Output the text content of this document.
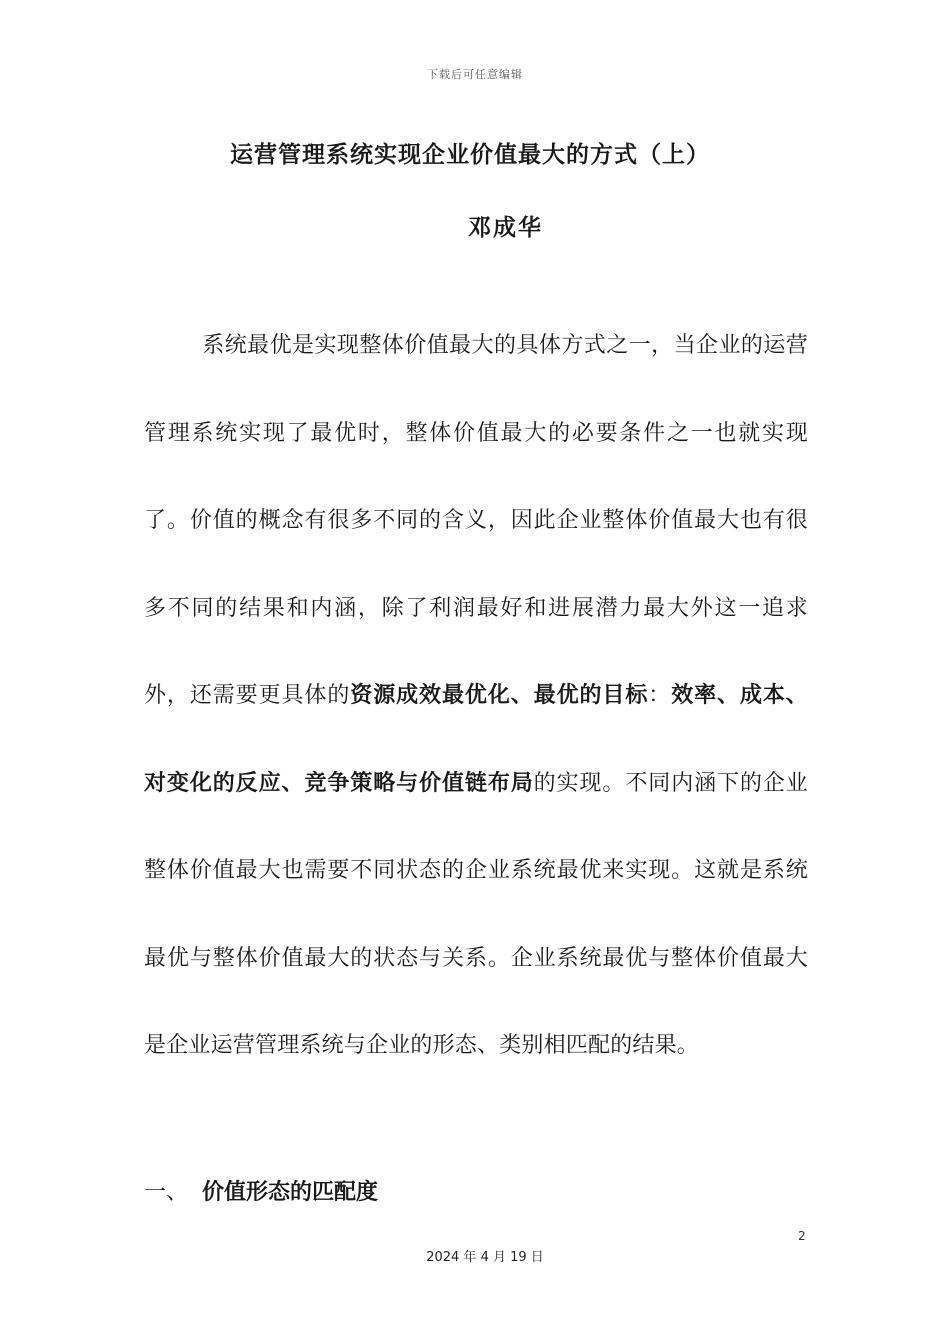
下载后可任意编辑
运营管理系统实现企业价值最大的方式（上）
邓成华

系统最优是实现整体价值最大的具体方式之一，当企业的运营管理系统实现了最优时，整体价值最大的必要条件之一也就实现了。价值的概念有很多不同的含义，因此企业整体价值最大也有很多不同的结果和内涵，除了利润最好和进展潜力最大外这一追求外，还需要更具体的资源成效最优化、最优的目标：效率、成本、对变化的反应、竞争策略与价值链布局的实现。不同内涵下的企业整体价值最大也需要不同状态的企业系统最优来实现。这就是系统最优与整体价值最大的状态与关系。企业系统最优与整体价值最大是企业运营管理系统与企业的形态、类别相匹配的结果。

一、 价值形态的匹配度
2
2024 年 4 月 19 日
